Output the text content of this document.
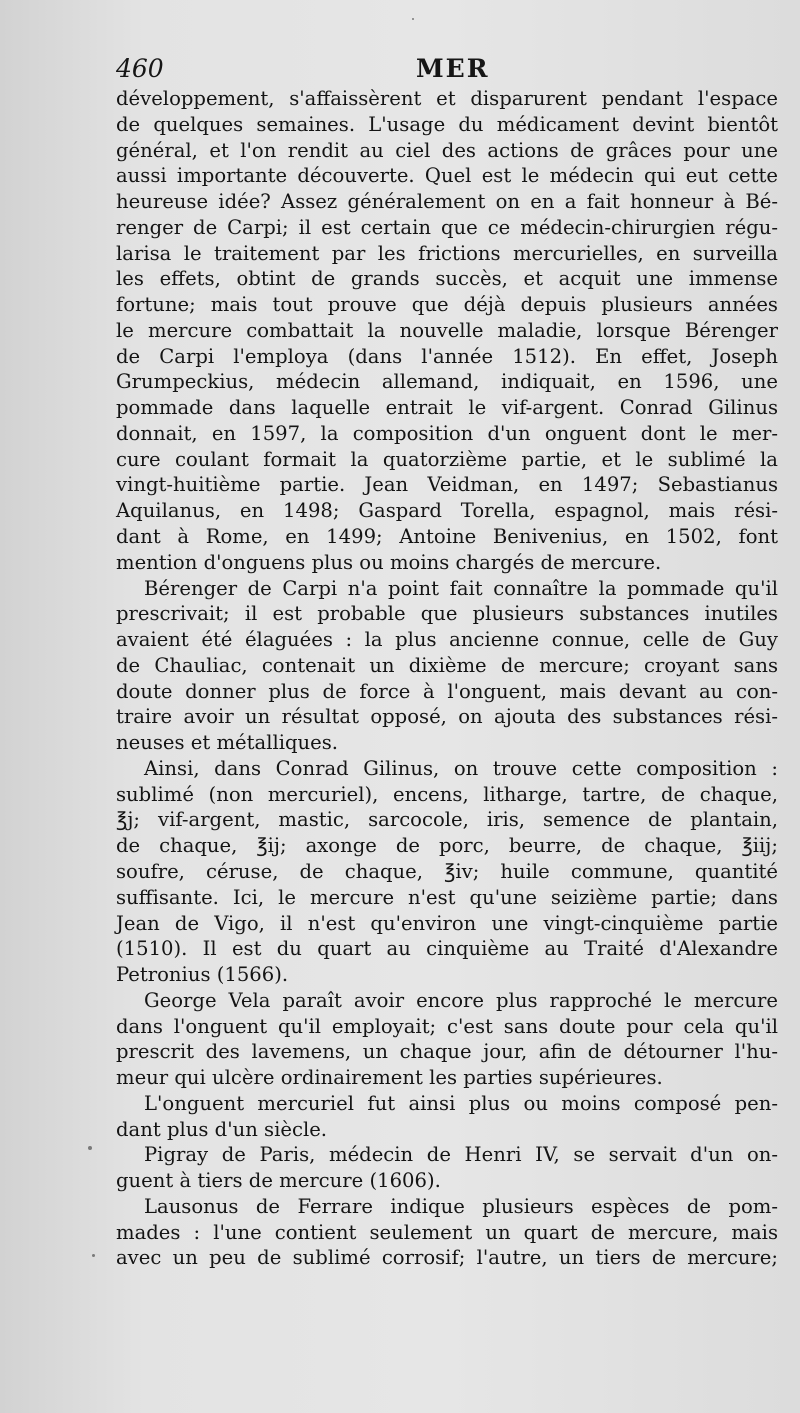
460	MER
développement, s'affaissèrent et disparurent pendant l'espace
de quelques semaines. L'usage du médicament devint bientôt
général, et l'on rendit au ciel des actions de grâces pour une
aussi importante découverte. Quel est le médecin qui eut cette
heureuse idée? Assez généralement on en a fait honneur à Bé-
renger de Carpi; il est certain que ce médecin-chirurgien régu-
larisa le traitement par les frictions mercurielles, en surveilla
les effets, obtint de grands succès, et acquit une immense
fortune; mais tout prouve que déjà depuis plusieurs années
le mercure combattait la nouvelle maladie, lorsque Bérenger
de Carpi l'employa (dans l'année 1512). En effet, Joseph
Grumpeckius, médecin allemand, indiquait, en 1596, une
pommade dans laquelle entrait le vif-argent. Conrad Gilinus
donnait, en 1597, la composition d'un onguent dont le mer-
cure coulant formait la quatorzième partie, et le sublimé la
vingt-huitième partie. Jean Veidman, en 1497; Sebastianus
Aquilanus, en 1498; Gaspard Torella, espagnol, mais rési-
dant à Rome, en 1499; Antoine Benivenius, en 1502, font
mention d'onguens plus ou moins chargés de mercure.
Bérenger de Carpi n'a point fait connaître la pommade qu'il
prescrivait; il est probable que plusieurs substances inutiles
avaient été élaguées : la plus ancienne connue, celle de Guy
de Chauliac, contenait un dixième de mercure; croyant sans
doute donner plus de force à l'onguent, mais devant au con-
traire avoir un résultat opposé, on ajouta des substances rési-
neuses et métalliques.
Ainsi, dans Conrad Gilinus, on trouve cette composition :
sublimé (non mercuriel), encens, litharge, tartre, de chaque,
℥j; vif-argent, mastic, sarcocole, iris, semence de plantain,
de chaque, ℥ij; axonge de porc, beurre, de chaque, ℥iij;
soufre, céruse, de chaque, ℥iv; huile commune, quantité
suffisante. Ici, le mercure n'est qu'une seizième partie; dans
Jean de Vigo, il n'est qu'environ une vingt-cinquième partie
(1510). Il est du quart au cinquième au Traité d'Alexandre
Petronius (1566).
George Vela paraît avoir encore plus rapproché le mercure
dans l'onguent qu'il employait; c'est sans doute pour cela qu'il
prescrit des lavemens, un chaque jour, afin de détourner l'hu-
meur qui ulcère ordinairement les parties supérieures.
L'onguent mercuriel fut ainsi plus ou moins composé pen-
dant plus d'un siècle.
Pigray de Paris, médecin de Henri IV, se servait d'un on-
guent à tiers de mercure (1606).
Lausonus de Ferrare indique plusieurs espèces de pom-
mades : l'une contient seulement un quart de mercure, mais
avec un peu de sublimé corrosif; l'autre, un tiers de mercure;
